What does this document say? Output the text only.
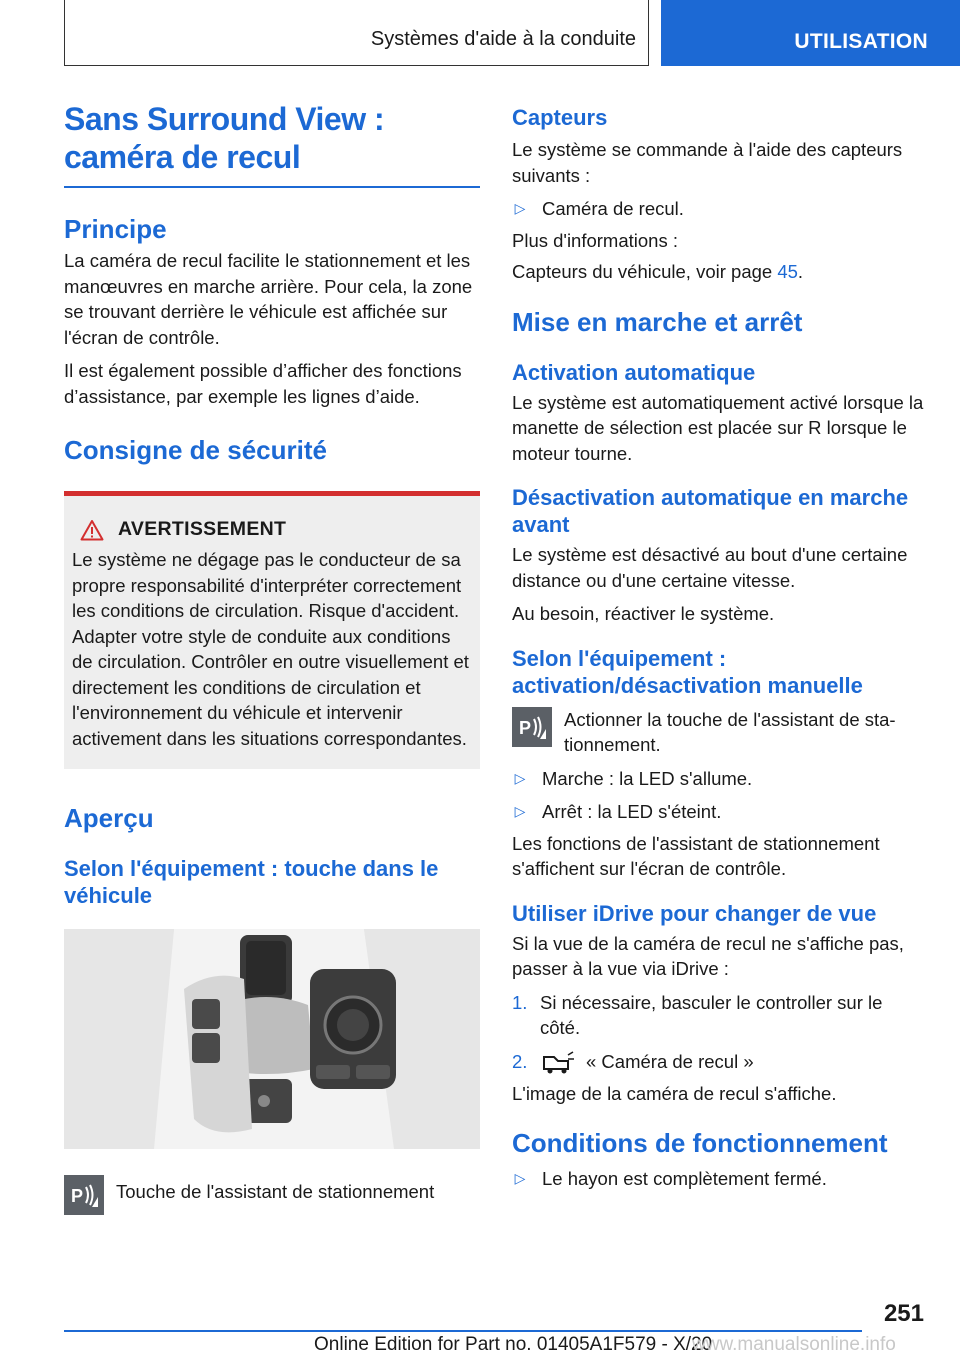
Systèmes d'aide à la conduite	UTILISATION
Sans Surround View : caméra de recul
Principe

La caméra de recul facilite le stationnement et les manœuvres en marche arrière. Pour cela, la zone se trouvant derrière le véhicule est affichée sur l'écran de contrôle.

Il est également possible d’afficher des fonctions d’assistance, par exemple les lignes d’aide.

Consigne de sécurité
AVERTISSEMENT

Le système ne dégage pas le conducteur de sa propre responsabilité d'interpréter correctement les conditions de circulation. Risque d'accident. Adapter votre style de conduite aux conditions de circulation. Contrôler en outre visuellement et directement les conditions de circulation et l'environnement du véhicule et intervenir activement dans les situations correspondantes.

Aperçu
Selon l'équipement : touche dans le véhicule
P Touche de l'assistant de stationnement

Capteurs

Le système se commande à l'aide des capteurs suivants :

▷ Caméra de recul.

Plus d'informations :

Capteurs du véhicule, voir page 45.

Mise en marche et arrêt
Activation automatique

Le système est automatiquement activé lorsque la manette de sélection est placée sur R lorsque le moteur tourne.

Désactivation automatique en marche avant

Le système est désactivé au bout d'une certaine distance ou d'une certaine vitesse.

Au besoin, réactiver le système.

Selon l'équipement : activation/désactivation manuelle
P Actionner la touche de l'assistant de stationnement.

▷ Marche : la LED s'allume.

▷ Arrêt : la LED s'éteint.

Les fonctions de l'assistant de stationnement s'affichent sur l'écran de contrôle.

Utiliser iDrive pour changer de vue

Si la vue de la caméra de recul ne s'affiche pas, passer à la vue via iDrive :

1. Si nécessaire, basculer le controller sur le côté.

2.	« Caméra de recul »

L'image de la caméra de recul s'affiche.

Conditions de fonctionnement
▷ Le hayon est complètement fermé.

251
Online Edition for Part no. 01405A1F579 - X/20
www.manualsonline.info
